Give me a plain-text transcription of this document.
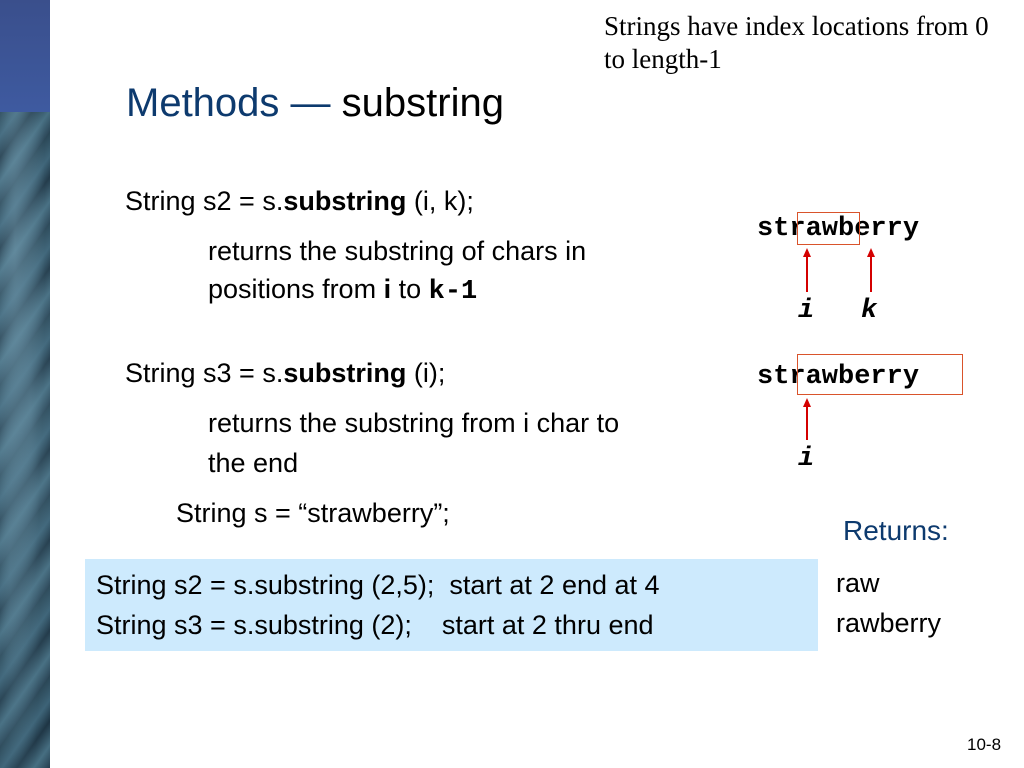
Strings have index locations from 0 to length-1
Methods — substring
String s2 = s.substring (i, k);
returns the substring of chars in
positions from i to k-1
String s3 = s.substring (i);
returns the substring from i char to
the end
String s = “strawberry”;
strawberry
i k
strawberry
i
String s2 = s.substring (2,5);  start at 2 end at 4
String s3 = s.substring (2);    start at 2 thru end
Returns:
raw
rawberry
10-8
